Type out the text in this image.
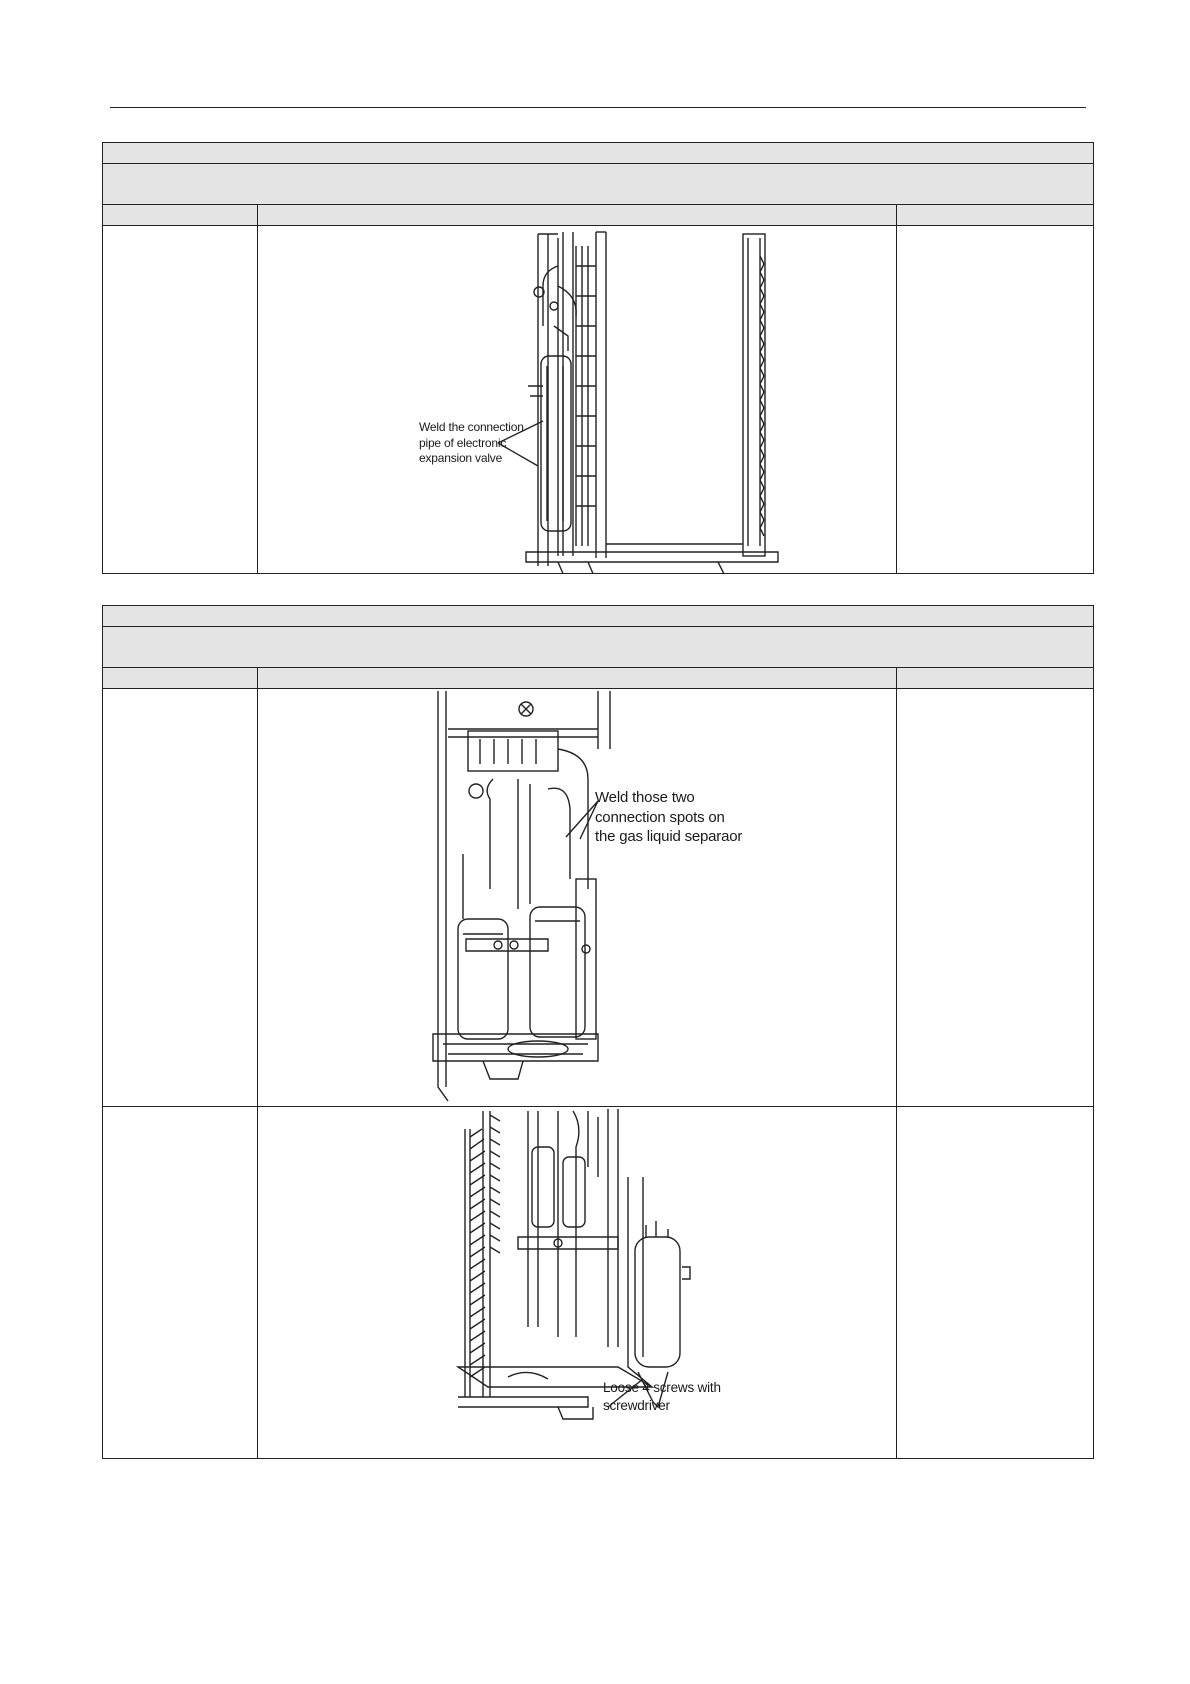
	Weld the connection
pipe of electronic
expansion valve	

	Weld those two
connection spots on
the gas liquid separaor	

	Loose 4 screws with
screwdriver	
